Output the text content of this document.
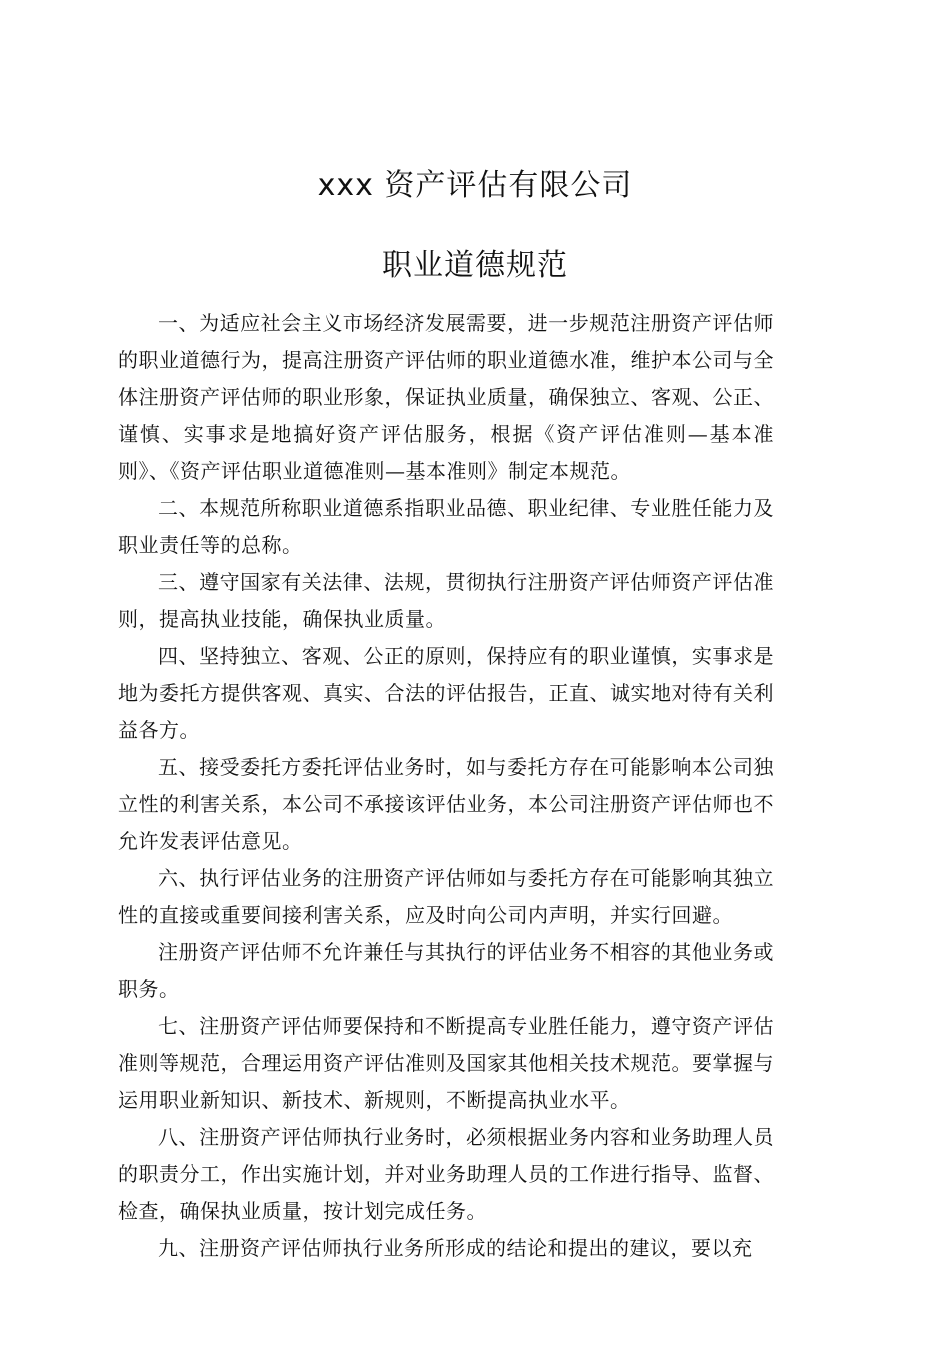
xxx 资产评估有限公司
职业道德规范

一、为适应社会主义市场经济发展需要，进一步规范注册资产评估师的职业道德行为，提高注册资产评估师的职业道德水准，维护本公司与全体注册资产评估师的职业形象，保证执业质量，确保独立、客观、公正、谨慎、实事求是地搞好资产评估服务，根据《资产评估准则—基本准则》、《资产评估职业道德准则—基本准则》制定本规范。

二、本规范所称职业道德系指职业品德、职业纪律、专业胜任能力及职业责任等的总称。

三、遵守国家有关法律、法规，贯彻执行注册资产评估师资产评估准则，提高执业技能，确保执业质量。

四、坚持独立、客观、公正的原则，保持应有的职业谨慎，实事求是地为委托方提供客观、真实、合法的评估报告，正直、诚实地对待有关利益各方。

五、接受委托方委托评估业务时，如与委托方存在可能影响本公司独立性的利害关系，本公司不承接该评估业务，本公司注册资产评估师也不允许发表评估意见。

六、执行评估业务的注册资产评估师如与委托方存在可能影响其独立性的直接或重要间接利害关系，应及时向公司内声明，并实行回避。

注册资产评估师不允许兼任与其执行的评估业务不相容的其他业务或职务。

七、注册资产评估师要保持和不断提高专业胜任能力，遵守资产评估准则等规范，合理运用资产评估准则及国家其他相关技术规范。要掌握与运用职业新知识、新技术、新规则，不断提高执业水平。

八、注册资产评估师执行业务时，必须根据业务内容和业务助理人员的职责分工，作出实施计划，并对业务助理人员的工作进行指导、监督、检查，确保执业质量，按计划完成任务。

九、注册资产评估师执行业务所形成的结论和提出的建议，要以充
